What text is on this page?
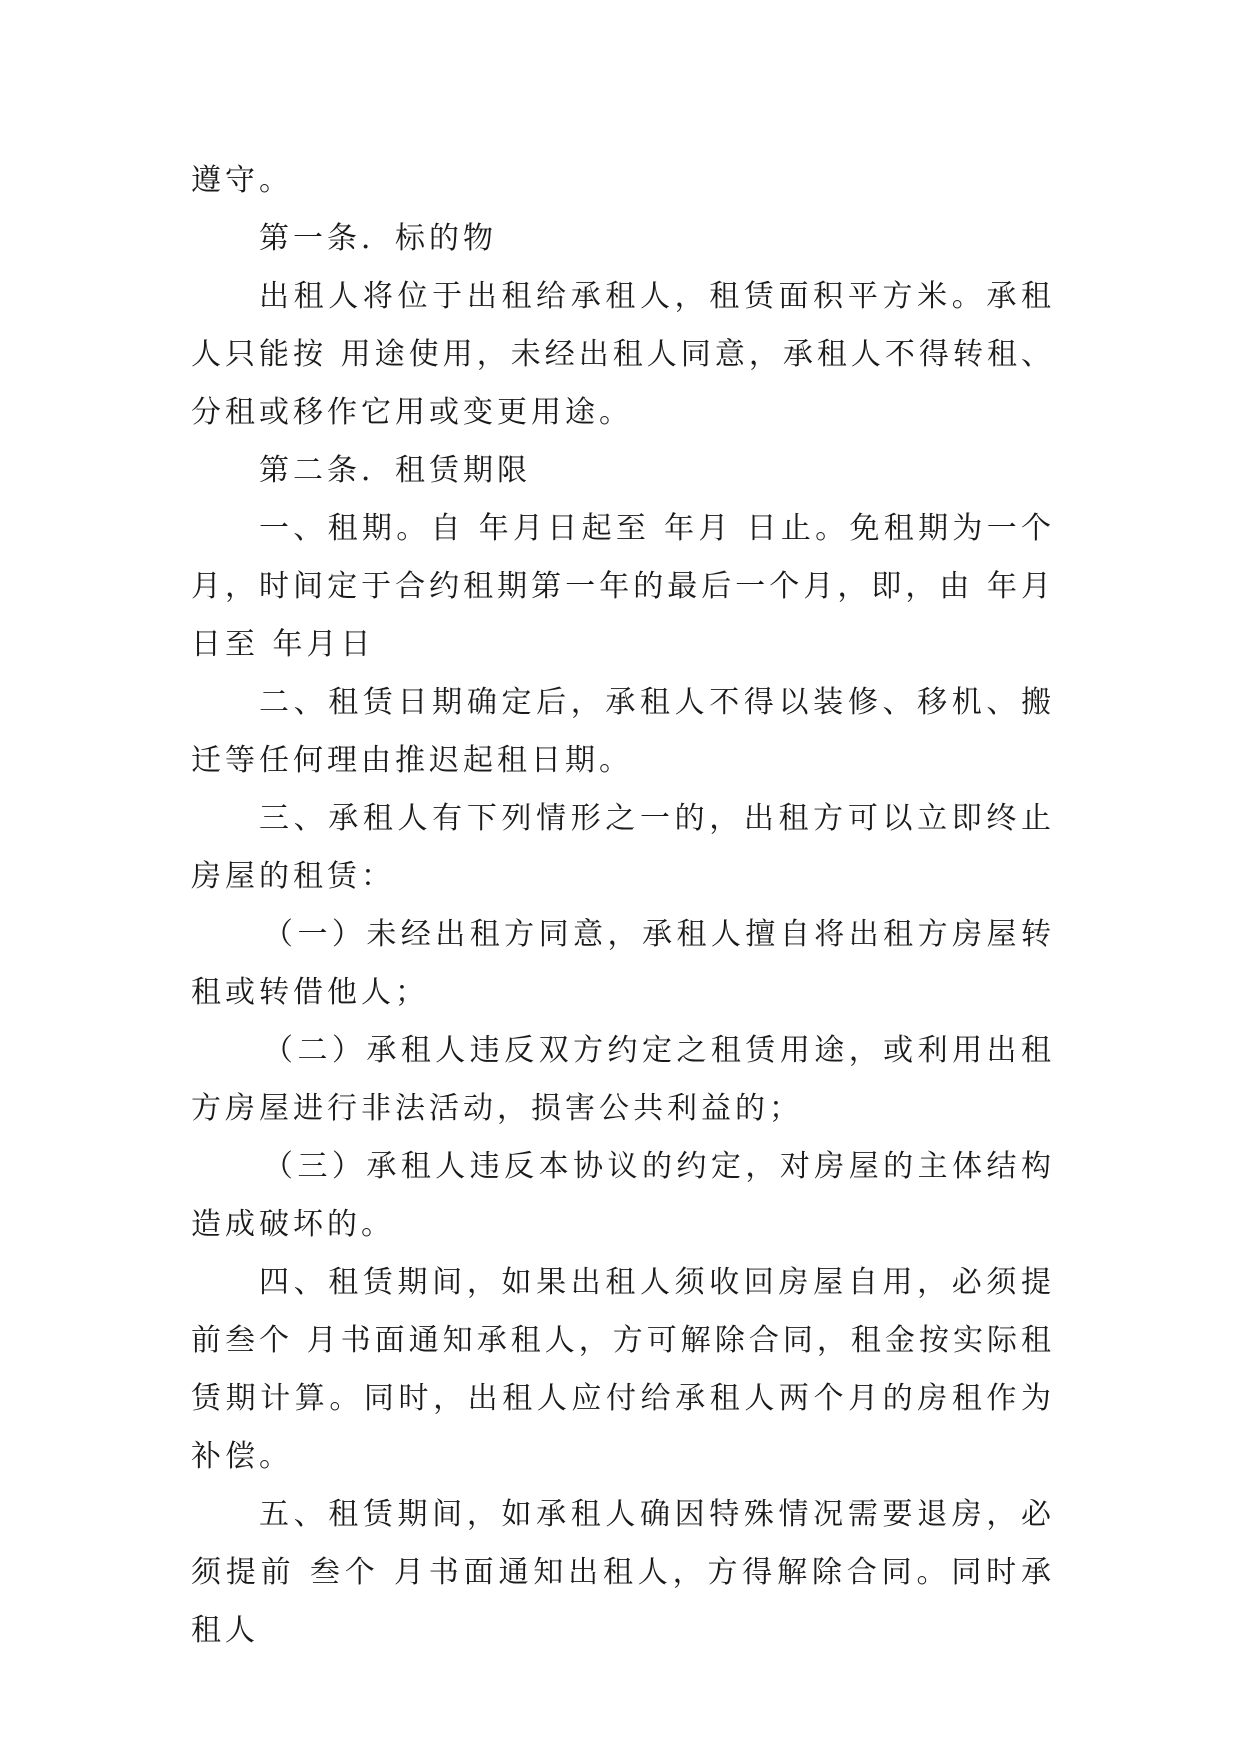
遵守。

第一条．标的物

出租人将位于出租给承租人，租赁面积平方米。承租人只能按 用途使用，未经出租人同意，承租人不得转租、分租或移作它用或变更用途。

第二条．租赁期限

一、租期。自 年月日起至 年月 日止。免租期为一个月，时间定于合约租期第一年的最后一个月，即，由 年月日至 年月日

二、租赁日期确定后，承租人不得以装修、移机、搬迁等任何理由推迟起租日期。

三、承租人有下列情形之一的，出租方可以立即终止房屋的租赁：

（一）未经出租方同意，承租人擅自将出租方房屋转租或转借他人；

（二）承租人违反双方约定之租赁用途，或利用出租方房屋进行非法活动，损害公共利益的；

（三）承租人违反本协议的约定，对房屋的主体结构造成破坏的。

四、租赁期间，如果出租人须收回房屋自用，必须提前叁个 月书面通知承租人，方可解除合同，租金按实际租赁期计算。同时，出租人应付给承租人两个月的房租作为补偿。

五、租赁期间，如承租人确因特殊情况需要退房，必须提前 叁个 月书面通知出租人，方得解除合同。同时承租人
